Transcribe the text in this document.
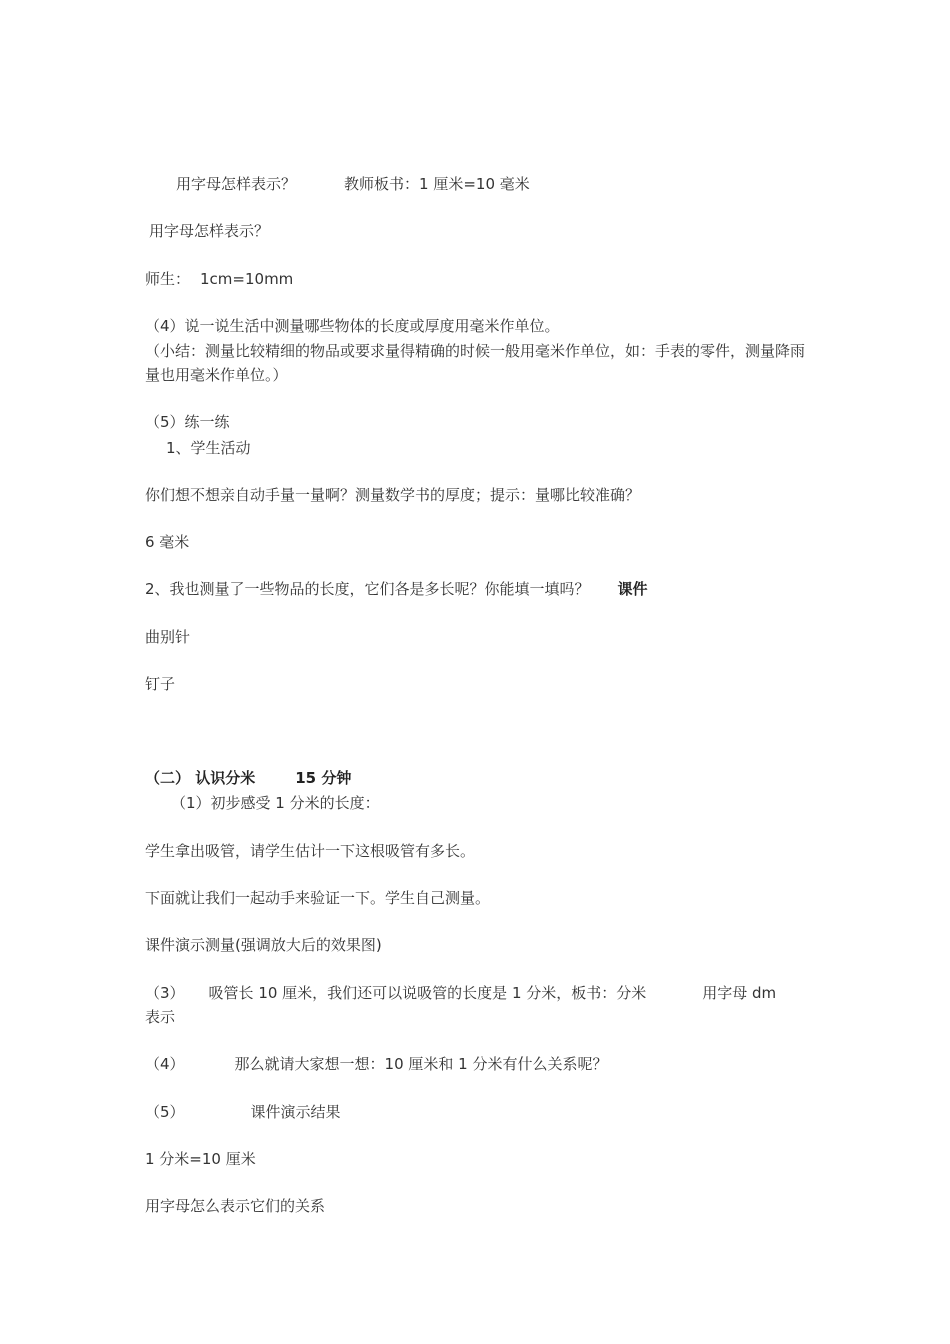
用字母怎样表示？	教师板书：1 厘米=10 毫米
用字母怎样表示？
师生： 1cm=10mm
（4）说一说生活中测量哪些物体的长度或厚度用毫米作单位。
（小结：测量比较精细的物品或要求量得精确的时候一般用毫米作单位，如：手表的零件，测量降雨量也用毫米作单位。）
（5）练一练
1、学生活动
你们想不想亲自动手量一量啊？测量数学书的厚度；提示：量哪比较准确？
6 毫米
2、我也测量了一些物品的长度，它们各是多长呢？你能填一填吗？ 课件
曲别针
钉子
（二） 认识分米	15 分钟
（1）初步感受 1 分米的长度：
学生拿出吸管，请学生估计一下这根吸管有多长。
下面就让我们一起动手来验证一下。学生自己测量。
课件演示测量(强调放大后的效果图)
（3） 吸管长 10 厘米，我们还可以说吸管的长度是 1 分米，板书：分米	用字母 dm
表示
（4）	那么就请大家想一想：10 厘米和 1 分米有什么关系呢？
（5）	课件演示结果
1 分米=10 厘米
用字母怎么表示它们的关系
